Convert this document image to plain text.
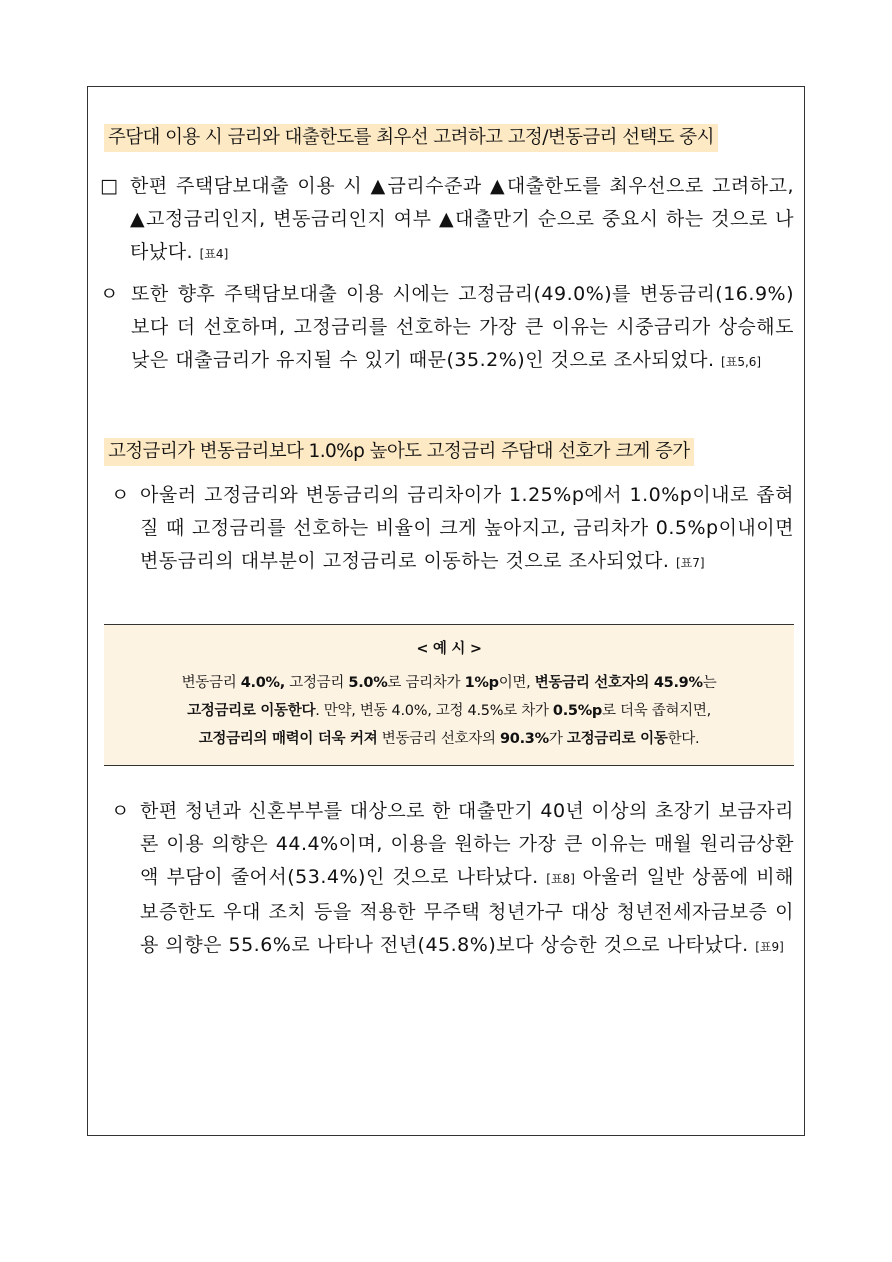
주담대 이용 시 금리와 대출한도를 최우선 고려하고 고정/변동금리 선택도 중시
□ 한편 주택담보대출 이용 시 ▲금리수준과 ▲대출한도를 최우선으로 고려하고, ▲고정금리인지, 변동금리인지 여부 ▲대출만기 순으로 중요시 하는 것으로 나타났다. [표4]
ㅇ 또한 향후 주택담보대출 이용 시에는 고정금리(49.0%)를 변동금리(16.9%) 보다 더 선호하며, 고정금리를 선호하는 가장 큰 이유는 시중금리가 상승해도 낮은 대출금리가 유지될 수 있기 때문(35.2%)인 것으로 조사되었다. [표5,6]
고정금리가 변동금리보다 1.0%p 높아도 고정금리 주담대 선호가 크게 증가
ㅇ 아울러 고정금리와 변동금리의 금리차이가 1.25%p에서 1.0%p이내로 좁혀질 때 고정금리를 선호하는 비율이 크게 높아지고, 금리차가 0.5%p이내이면 변동금리의 대부분이 고정금리로 이동하는 것으로 조사되었다. [표7]
< 예 시 >
변동금리 4.0%, 고정금리 5.0%로 금리차가 1%p이면, 변동금리 선호자의 45.9%는
고정금리로 이동한다. 만약, 변동 4.0%, 고정 4.5%로 차가 0.5%p로 더욱 좁혀지면,
고정금리의 매력이 더욱 커져 변동금리 선호자의 90.3%가 고정금리로 이동한다.
ㅇ 한편 청년과 신혼부부를 대상으로 한 대출만기 40년 이상의 초장기 보금자리론 이용 의향은 44.4%이며, 이용을 원하는 가장 큰 이유는 매월 원리금상환액 부담이 줄어서(53.4%)인 것으로 나타났다. [표8] 아울러 일반 상품에 비해 보증한도 우대 조치 등을 적용한 무주택 청년가구 대상 청년전세자금보증 이용 의향은 55.6%로 나타나 전년(45.8%)보다 상승한 것으로 나타났다. [표9]
